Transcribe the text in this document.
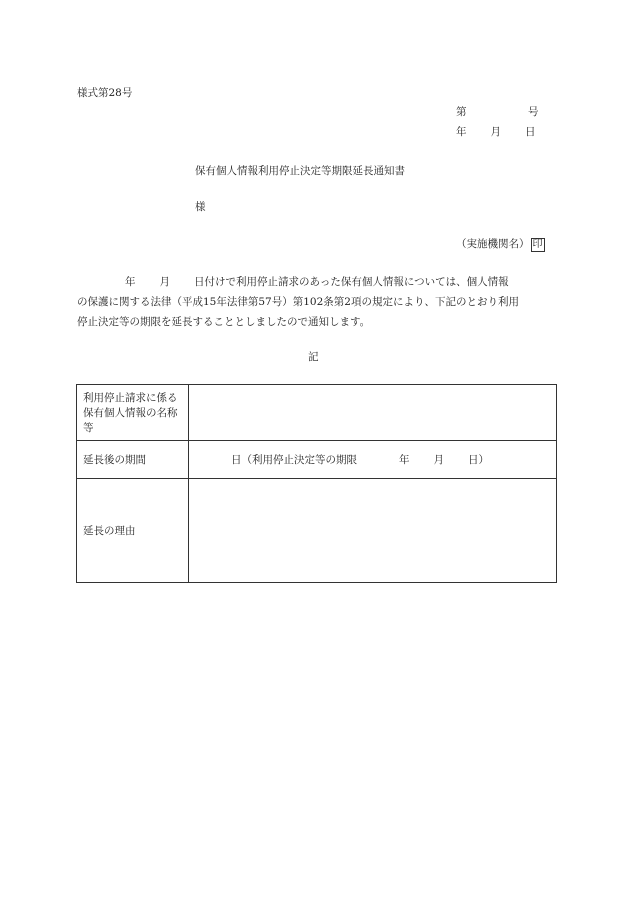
様式第28号
第	号
年 月 日
保有個人情報利用停止決定等期限延長通知書
様
（実施機関名） 印
年 月 日付けで利用停止請求のあった保有個人情報については、個人情報
の保護に関する法律（平成15年法律第57号）第102条第2項の規定により、下記のとおり利用
停止決定等の期限を延長することとしましたので通知します。
記
利用停止請求に係る保有個人情報の名称等	
延長後の期間	日（利用停止決定等の期限 年 月 日）
延長の理由	
